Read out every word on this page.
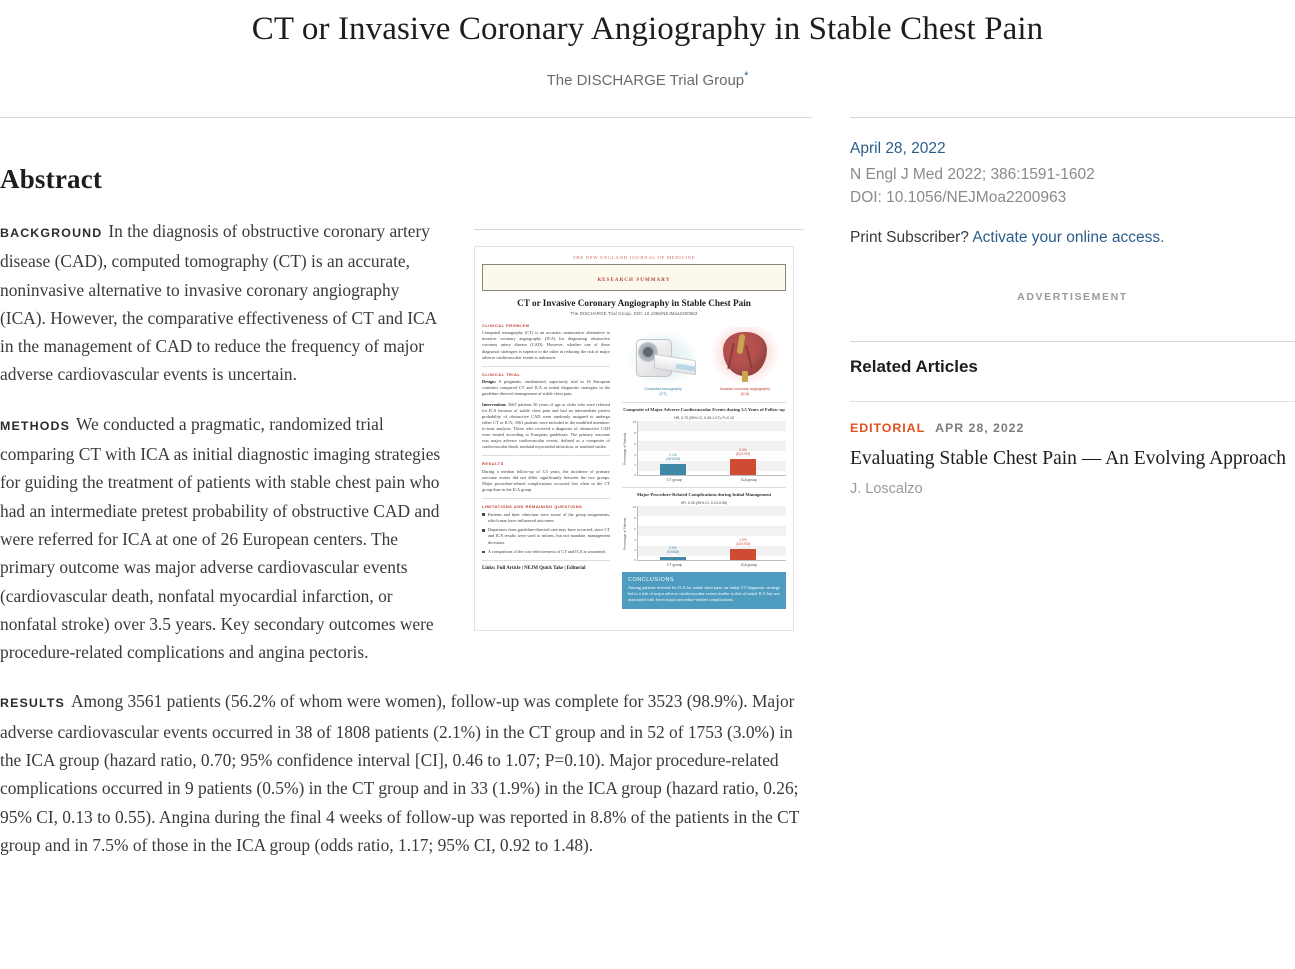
CT or Invasive Coronary Angiography in Stable Chest Pain
The DISCHARGE Trial Group*
Abstract
THE NEW ENGLAND JOURNAL OF MEDICINE
RESEARCH SUMMARY
CT or Invasive Coronary Angiography in Stable Chest Pain
The DISCHARGE Trial Group. DOI: 10.1056/NEJMoa2200963
CLINICAL PROBLEM

Computed tomography (CT) is an accurate, noninvasive alternative to invasive coronary angiography (ICA) for diagnosing obstructive coronary artery disease (CAD). However, whether one of these diagnostic strategies is superior to the other in reducing the risk of major adverse cardiovascular events is unknown.

CLINICAL TRIAL

Design: A pragmatic, randomized, superiority trial in 16 European countries compared CT and ICA as initial diagnostic strategies in the guideline-directed management of stable chest pain.

Intervention: 3667 patients 30 years of age or older who were referred for ICA because of stable chest pain and had an intermediate pretest probability of obstructive CAD were randomly assigned to undergo either CT or ICA; 3561 patients were included in the modified intention-to-treat analysis. Those who received a diagnosis of obstructive CAD were treated according to European guidelines. The primary outcome was major adverse cardiovascular events, defined as a composite of cardiovascular death, nonfatal myocardial infarction, or nonfatal stroke.

RESULTS

During a median follow-up of 3.5 years, the incidence of primary outcome events did not differ significantly between the two groups. Major procedure-related complications occurred less often in the CT group than in the ICA group.

LIMITATIONS AND REMAINING QUESTIONS
Patients and their clinicians were aware of the group assignments, which may have influenced outcomes.
Departures from guideline-directed care may have occurred, since CT and ICA results were used to inform, but not mandate, management decisions.
A comparison of the cost-effectiveness of CT and ICA is warranted.
Links: Full Article | NEJM Quick Take | Editorial
Computed tomography
(CT)
Invasive coronary angiography
(ICA)
Composite of Major Adverse Cardiovascular Events during 3.5 Years of Follow-up
HR, 0.70 (95% CI, 0.46-1.07); P=0.10
Percentage of Patients
10
8
6
4
2
0
2.1%
(38/1808)
3.0%
(52/1753)
CT group	ICA group
Major Procedure-Related Complications during Initial Management
HR, 0.26 (95% CI, 0.13-0.55)
Percentage of Patients
10
8
6
4
2
0
0.5%
(9/1808)
1.9%
(33/1753)
CT group	ICA group
CONCLUSIONS

Among patients referred for ICA for stable chest pain, an initial CT diagnostic strategy led to a risk of major adverse cardiovascular events similar to that of initial ICA but was associated with fewer major procedure-related complications.

BACKGROUND In the diagnosis of obstructive coronary artery disease (CAD), computed tomography (CT) is an accurate, noninvasive alternative to invasive coronary angiography (ICA). However, the comparative effectiveness of CT and ICA in the management of CAD to reduce the frequency of major adverse cardiovascular events is uncertain.
METHODS We conducted a pragmatic, randomized trial comparing CT with ICA as initial diagnostic imaging strategies for guiding the treatment of patients with stable chest pain who had an intermediate pretest probability of obstructive CAD and were referred for ICA at one of 26 European centers. The primary outcome was major adverse cardiovascular events (cardiovascular death, nonfatal myocardial infarction, or nonfatal stroke) over 3.5 years. Key secondary outcomes were procedure-related complications and angina pectoris.
RESULTS Among 3561 patients (56.2% of whom were women), follow-up was complete for 3523 (98.9%). Major adverse cardiovascular events occurred in 38 of 1808 patients (2.1%) in the CT group and in 52 of 1753 (3.0%) in the ICA group (hazard ratio, 0.70; 95% confidence interval [CI], 0.46 to 1.07; P=0.10). Major procedure-related complications occurred in 9 patients (0.5%) in the CT group and in 33 (1.9%) in the ICA group (hazard ratio, 0.26; 95% CI, 0.13 to 0.55). Angina during the final 4 weeks of follow-up was reported in 8.8% of the patients in the CT group and in 7.5% of those in the ICA group (odds ratio, 1.17; 95% CI, 0.92 to 1.48).
April 28, 2022
N Engl J Med 2022; 386:1591-1602
DOI: 10.1056/NEJMoa2200963
Print Subscriber? Activate your online access.
ADVERTISEMENT
Related Articles
EDITORIAL APR 28, 2022
Evaluating Stable Chest Pain — An Evolving Approach
J. Loscalzo
